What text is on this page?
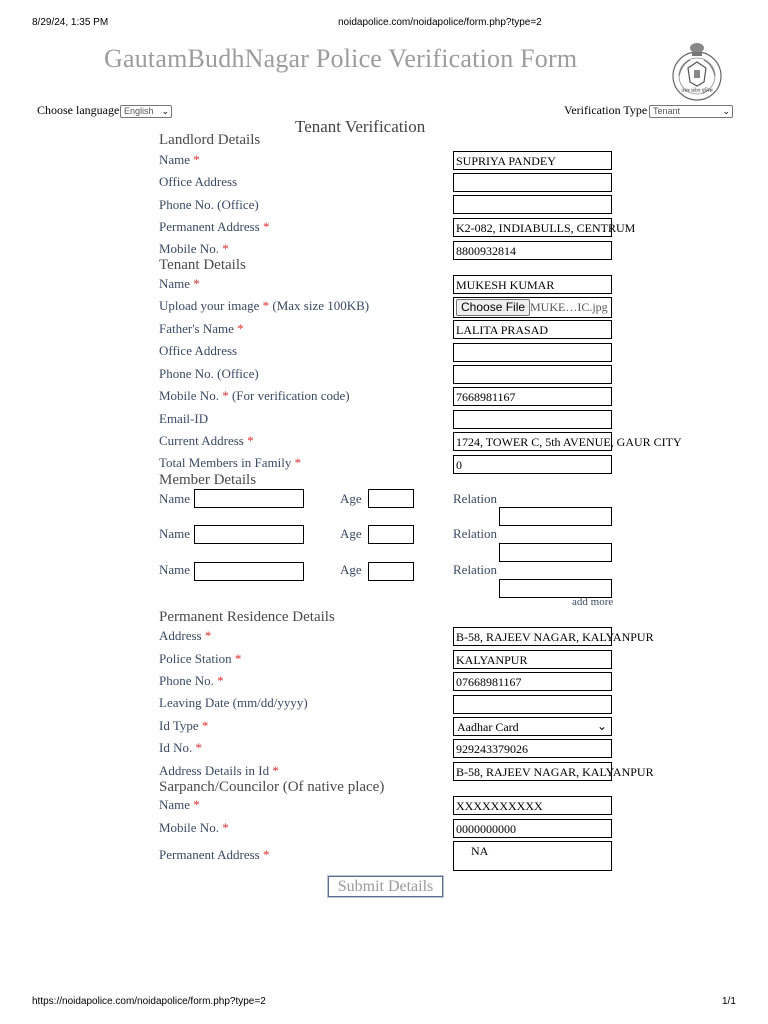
8/29/24, 1:35 PM	noidapolice.com/noidapolice/form.php?type=2
GautamBudhNagar Police Verification Form
उत्तर प्रदेश पुलिस
Choose language English ⌄	Verification Type Tenant	⌄
Tenant Verification
Landlord Details
Name *	SUPRIYA PANDEY
Office Address
Phone No. (Office)
Permanent Address *	K2-082, INDIABULLS, CENTRUM
Mobile No. *	8800932814
Tenant Details
Name *	MUKESH KUMAR
Upload your image * (Max size 100KB)	Choose File MUKE…IC.jpg
Father's Name *	LALITA PRASAD
Office Address
Phone No. (Office)
Mobile No. * (For verification code)	7668981167
Email-ID
Current Address *	1724, TOWER C, 5th AVENUE, GAUR CITY
Total Members in Family *	0
Member Details
Name	Age	Relation
Name	Age	Relation
Name	Age	Relation
add more
Permanent Residence Details
Address *	B-58, RAJEEV NAGAR, KALYANPUR
Police Station *	KALYANPUR
Phone No. *	07668981167
Leaving Date (mm/dd/yyyy)
Id Type *	Aadhar Card	⌄
Id No. *	929243379026
Address Details in Id *	B-58, RAJEEV NAGAR, KALYANPUR
Sarpanch/Councilor (Of native place)
Name *	XXXXXXXXXX
Mobile No. *	0000000000
Permanent Address *	NA
Submit Details
https://noidapolice.com/noidapolice/form.php?type=2	1/1
